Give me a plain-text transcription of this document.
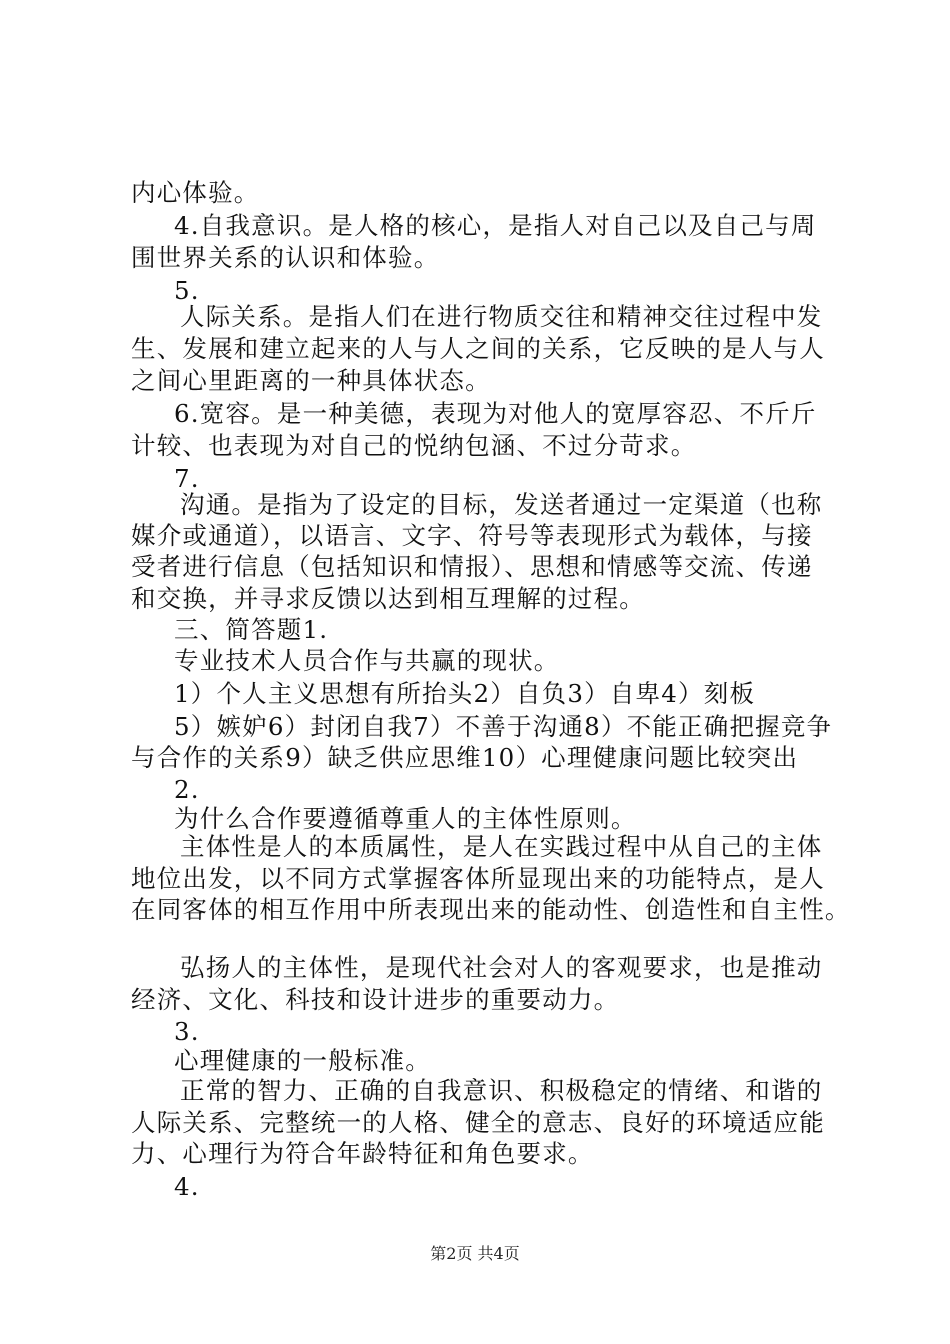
内心体验。
4.自我意识。是人格的核心，是指人对自己以及自己与周
围世界关系的认识和体验。
5.
人际关系。是指人们在进行物质交往和精神交往过程中发
生、发展和建立起来的人与人之间的关系，它反映的是人与人
之间心里距离的一种具体状态。
6.宽容。是一种美德，表现为对他人的宽厚容忍、不斤斤
计较、也表现为对自己的悦纳包涵、不过分苛求。
7.
沟通。是指为了设定的目标，发送者通过一定渠道（也称
媒介或通道），以语言、文字、符号等表现形式为载体，与接
受者进行信息（包括知识和情报）、思想和情感等交流、传递
和交换，并寻求反馈以达到相互理解的过程。
三、简答题1.
专业技术人员合作与共赢的现状。
1）个人主义思想有所抬头2）自负3）自卑4）刻板
5）嫉妒6）封闭自我7）不善于沟通8）不能正确把握竞争
与合作的关系9）缺乏供应思维10）心理健康问题比较突出
2.
为什么合作要遵循尊重人的主体性原则。
主体性是人的本质属性，是人在实践过程中从自己的主体
地位出发，以不同方式掌握客体所显现出来的功能特点，是人
在同客体的相互作用中所表现出来的能动性、创造性和自主性。
弘扬人的主体性，是现代社会对人的客观要求，也是推动
经济、文化、科技和设计进步的重要动力。
3.
心理健康的一般标准。
正常的智力、正确的自我意识、积极稳定的情绪、和谐的
人际关系、完整统一的人格、健全的意志、良好的环境适应能
力、心理行为符合年龄特征和角色要求。
4.
第2页 共4页
